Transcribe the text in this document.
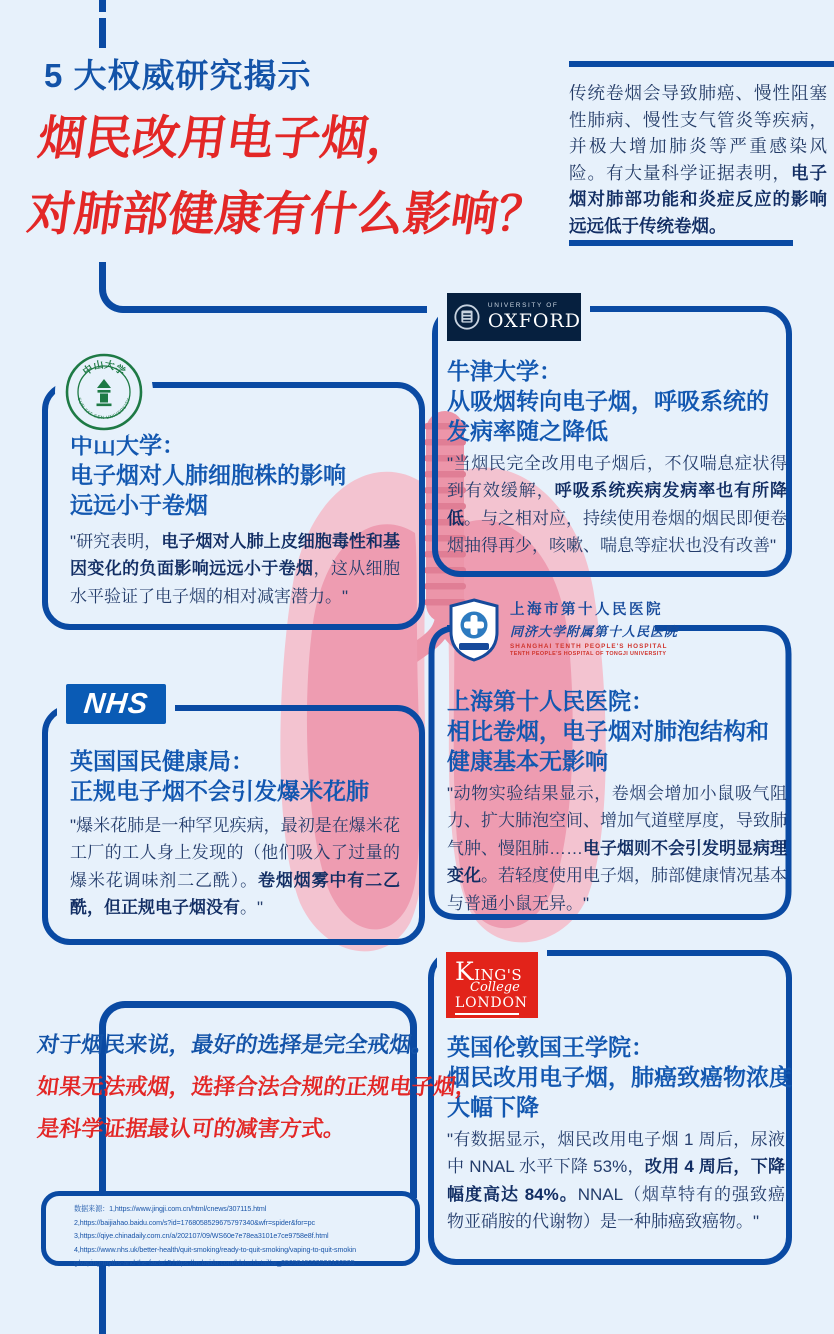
5 大权威研究揭示
烟民改用电子烟，
对肺部健康有什么影响？
传统卷烟会导致肺癌、慢性阻塞性肺病、慢性支气管炎等疾病，并极大增加肺炎等严重感染风险。有大量科学证据表明，电子烟对肺部功能和炎症反应的影响远远低于传统卷烟。
UNIVERSITY OF
OXFORD
牛津大学：
从吸烟转向电子烟，呼吸系统的
发病率随之降低
"当烟民完全改用电子烟后，不仅喘息症状得到有效缓解，呼吸系统疾病发病率也有所降低。与之相对应，持续使用卷烟的烟民即便卷烟抽得再少，咳嗽、喘息等症状也没有改善"
中山大学
SUN YAT-SEN UNIVERSITY
中山大学：
电子烟对人肺细胞株的影响
远远小于卷烟
"研究表明，电子烟对人肺上皮细胞毒性和基因变化的负面影响远远小于卷烟，这从细胞水平验证了电子烟的相对减害潜力。"
上海市第十人民医院
同济大学附属第十人民医院
SHANGHAI TENTH PEOPLE'S HOSPITAL
TENTH PEOPLE'S HOSPITAL OF TONGJI UNIVERSITY
上海第十人民医院：
相比卷烟，电子烟对肺泡结构和
健康基本无影响
"动物实验结果显示，卷烟会增加小鼠吸气阻力、扩大肺泡空间、增加气道壁厚度，导致肺气肿、慢阻肺……电子烟则不会引发明显病理变化。若轻度使用电子烟，肺部健康情况基本与普通小鼠无异。"
NHS
英国国民健康局：
正规电子烟不会引发爆米花肺
"爆米花肺是一种罕见疾病，最初是在爆米花工厂的工人身上发现的（他们吸入了过量的爆米花调味剂二乙酰）。卷烟烟雾中有二乙酰，但正规电子烟没有。"
KING'S
College
LONDON
英国伦敦国王学院：
烟民改用电子烟，肺癌致癌物浓度
大幅下降
"有数据显示，烟民改用电子烟 1 周后，尿液中 NNAL 水平下降 53%，改用 4 周后，下降幅度高达 84%。NNAL（烟草特有的强致癌物亚硝胺的代谢物）是一种肺癌致癌物。"
对于烟民来说，最好的选择是完全戒烟。
如果无法戒烟，选择合法合规的正规电子烟，
是科学证据最认可的减害方式。
数据来源：1,https://www.jingji.com.cn/html/cnews/307115.html
2,https://baijiahao.baidu.com/s?id=1768058529675797340&wfr=spider&for=pc
3,https://qiye.chinadaily.com.cn/a/202107/09/WS60e7e78ea3101e7ce9758e8f.html
4,https://www.nhs.uk/better-health/quit-smoking/ready-to-quit-smoking/vaping-to-quit-smokin
g/vaping-myths-and-the-facts/ 5,https://m.baidu.com/bh/m/detail/ar_9505646229596100595
